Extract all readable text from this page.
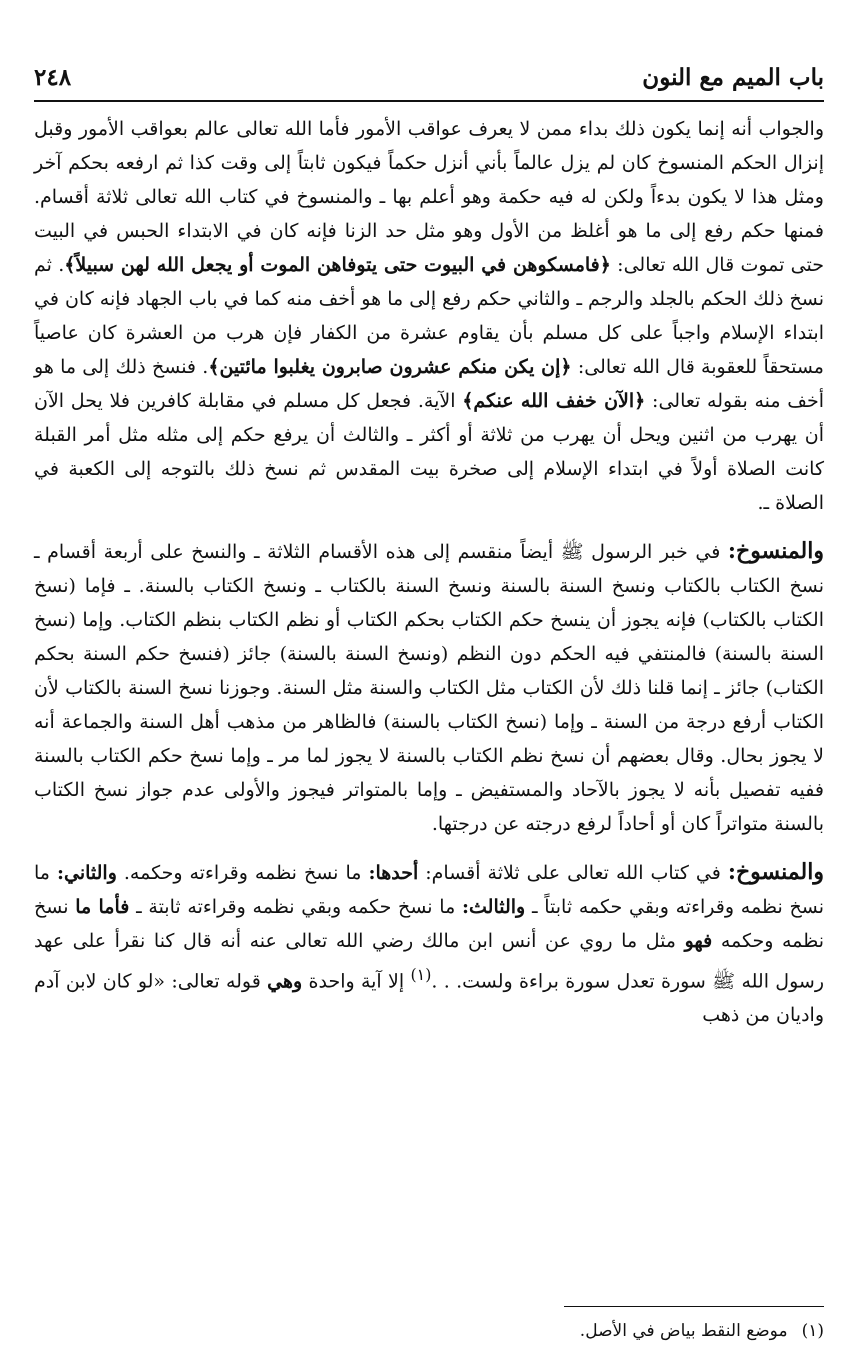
باب الميم مع النون
٢٤٨

والجواب أنه إنما يكون ذلك بداء ممن لا يعرف عواقب الأمور فأما الله تعالى عالم بعواقب الأمور وقبل إنزال الحكم المنسوخ كان لم يزل عالماً بأني أنزل حكماً فيكون ثابتاً إلى وقت كذا ثم ارفعه بحكم آخر ومثل هذا لا يكون بدءاً ولكن له فيه حكمة وهو أعلم بها ـ والمنسوخ في كتاب الله تعالى ثلاثة أقسام. فمنها حكم رفع إلى ما هو أغلظ من الأول وهو مثل حد الزنا فإنه كان في الابتداء الحبس في البيت حتى تموت قال الله تعالى: ﴿فامسكوهن في البيوت حتى يتوفاهن الموت أو يجعل الله لهن سبيلاً﴾. ثم نسخ ذلك الحكم بالجلد والرجم ـ والثاني حكم رفع إلى ما هو أخف منه كما في باب الجهاد فإنه كان في ابتداء الإسلام واجباً على كل مسلم بأن يقاوم عشرة من الكفار فإن هرب من العشرة كان عاصياً مستحقاً للعقوبة قال الله تعالى: ﴿إن يكن منكم عشرون صابرون يغلبوا مائتين﴾. فنسخ ذلك إلى ما هو أخف منه بقوله تعالى: ﴿الآن خفف الله عنكم﴾ الآية. فجعل كل مسلم في مقابلة كافرين فلا يحل الآن أن يهرب من اثنين ويحل أن يهرب من ثلاثة أو أكثر ـ والثالث أن يرفع حكم إلى مثله مثل أمر القبلة كانت الصلاة أولاً في ابتداء الإسلام إلى صخرة بيت المقدس ثم نسخ ذلك بالتوجه إلى الكعبة في الصلاة ـ.

والمنسوخ: في خبر الرسول ﷺ أيضاً منقسم إلى هذه الأقسام الثلاثة ـ والنسخ على أربعة أقسام ـ نسخ الكتاب بالكتاب ونسخ السنة بالسنة ونسخ السنة بالكتاب ـ ونسخ الكتاب بالسنة. ـ فإما (نسخ الكتاب بالكتاب) فإنه يجوز أن ينسخ حكم الكتاب بحكم الكتاب أو نظم الكتاب بنظم الكتاب. وإما (نسخ السنة بالسنة) فالمنتفي فيه الحكم دون النظم (ونسخ السنة بالسنة) جائز (فنسخ حكم السنة بحكم الكتاب) جائز ـ إنما قلنا ذلك لأن الكتاب مثل الكتاب والسنة مثل السنة. وجوزنا نسخ السنة بالكتاب لأن الكتاب أرفع درجة من السنة ـ وإما (نسخ الكتاب بالسنة) فالظاهر من مذهب أهل السنة والجماعة أنه لا يجوز بحال. وقال بعضهم أن نسخ نظم الكتاب بالسنة لا يجوز لما مر ـ وإما نسخ حكم الكتاب بالسنة ففيه تفصيل بأنه لا يجوز بالآحاد والمستفيض ـ وإما بالمتواتر فيجوز والأولى عدم جواز نسخ الكتاب بالسنة متواتراً كان أو أحاداً لرفع درجته عن درجتها.

والمنسوخ: في كتاب الله تعالى على ثلاثة أقسام: أحدها: ما نسخ نظمه وقراءته وحكمه. والثاني: ما نسخ نظمه وقراءته وبقي حكمه ثابتاً ـ والثالث: ما نسخ حكمه وبقي نظمه وقراءته ثابتة ـ فأما ما نسخ نظمه وحكمه فهو مثل ما روي عن أنس ابن مالك رضي الله تعالى عنه أنه قال كنا نقرأ على عهد رسول الله ﷺ سورة تعدل سورة براءة ولست. . .$^{(١)}$ إلا آية واحدة وهي قوله تعالى: «لو كان لابن آدم واديان من ذهب

(١)موضع النقط بياض في الأصل.
